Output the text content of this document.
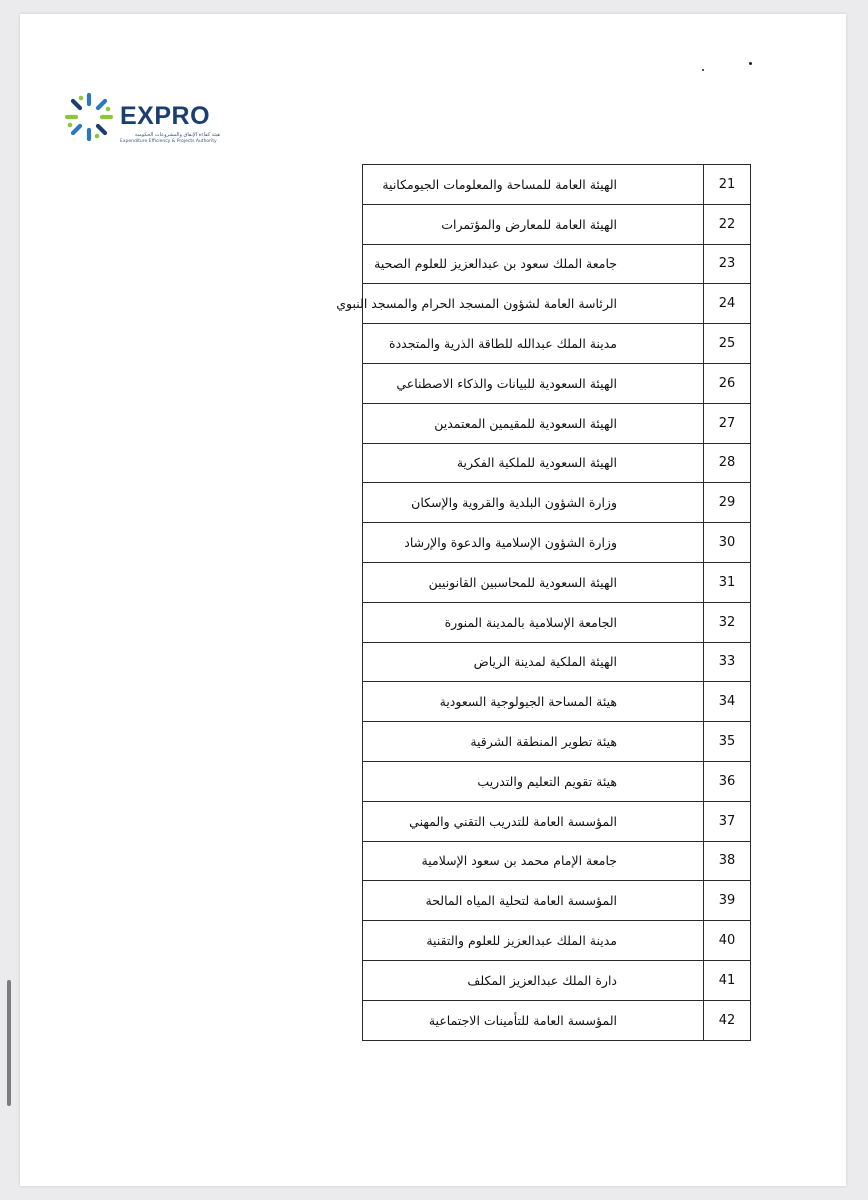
EXPRO
هيئة كفاءة الإنفاق والمشروعات الحكومية
Expenditure Efficiency & Projects Authority
21	الهيئة العامة للمساحة والمعلومات الجيومكانية
22	الهيئة العامة للمعارض والمؤتمرات
23	جامعة الملك سعود بن عبدالعزيز للعلوم الصحية
24	الرئاسة العامة لشؤون المسجد الحرام والمسجد النبوي
25	مدينة الملك عبدالله للطاقة الذرية والمتجددة
26	الهيئة السعودية للبيانات والذكاء الاصطناعي
27	الهيئة السعودية للمقيمين المعتمدين
28	الهيئة السعودية للملكية الفكرية
29	وزارة الشؤون البلدية والقروية والإسكان
30	وزارة الشؤون الإسلامية والدعوة والإرشاد
31	الهيئة السعودية للمحاسبين القانونيين
32	الجامعة الإسلامية بالمدينة المنورة
33	الهيئة الملكية لمدينة الرياض
34	هيئة المساحة الجيولوجية السعودية
35	هيئة تطوير المنطقة الشرقية
36	هيئة تقويم التعليم والتدريب
37	المؤسسة العامة للتدريب التقني والمهني
38	جامعة الإمام محمد بن سعود الإسلامية
39	المؤسسة العامة لتحلية المياه المالحة
40	مدينة الملك عبدالعزيز للعلوم والتقنية
41	دارة الملك عبدالعزيز المكلف
42	المؤسسة العامة للتأمينات الاجتماعية
